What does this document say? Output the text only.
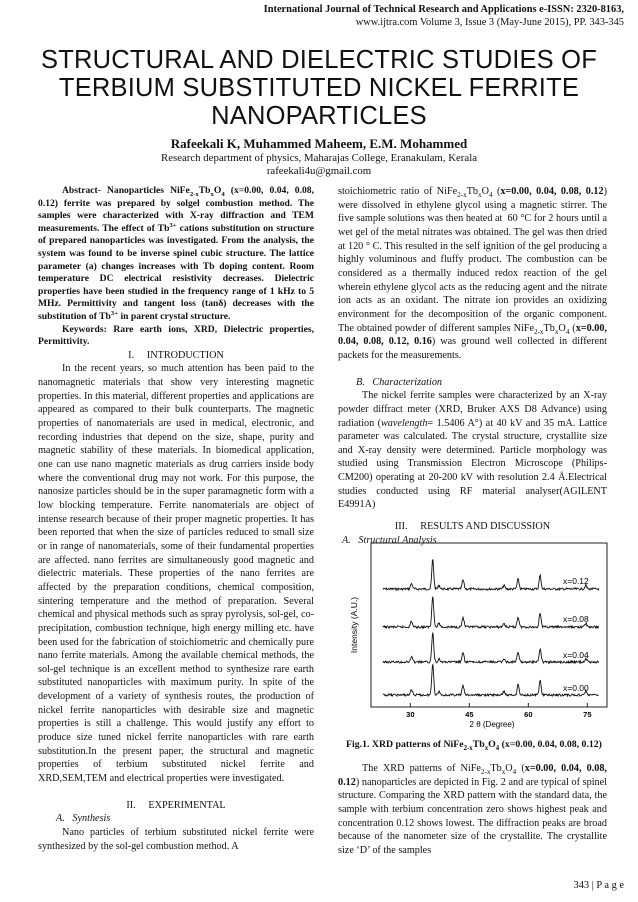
International Journal of Technical Research and Applications e-ISSN: 2320-8163,
www.ijtra.com Volume 3, Issue 3 (May-June 2015), PP. 343-345
STRUCTURAL AND DIELECTRIC STUDIES OF TERBIUM SUBSTITUTED NICKEL FERRITE NANOPARTICLES
Rafeekali K, Muhammed Maheem, E.M. Mohammed
Research department of physics, Maharajas College, Eranakulam, Kerala
rafeekali4u@gmail.com

Abstract- Nanoparticles $NiFe_{2-x}Tb_xO_4$ (x=0.00, 0.04, 0.08, 0.12) ferrite was prepared by solgel combustion method. The samples were characterized with X-ray diffraction and TEM measurements. The effect of $Tb^{3+}$ cations substitution on structure of prepared nanoparticles was investigated. From the analysis, the system was found to be inverse spinel cubic structure. The lattice parameter (a) changes increases with Tb doping content. Room temperature DC electrical resistivity decreases. Dielectric properties have been studied in the frequency range of 1 kHz to 5 MHz. Permittivity and tangent loss (tanδ) decreases with the substitution of $Tb^{3+}$ in parent crystal structure.

Keywords: Rare earth ions, XRD, Dielectric properties, Permittivity.

I.     INTRODUCTION

In the recent years, so much attention has been paid to the nanomagnetic materials that show very interesting magnetic properties. In this material, different properties and applications are appeared as compared to their bulk counterparts. The magnetic properties of nanomaterials are used in medical, electronic, and recording industries that depend on the size, shape, purity and magnetic stability of these materials. In biomedical application, one can use nano magnetic materials as drug carriers inside body where the conventional drug may not work. For this purpose, the nanosize particles should be in the super paramagnetic form with a low blocking temperature. Ferrite nanomaterials are object of intense research because of their proper magnetic properties. It has been reported that when the size of particles reduced to small size or in range of nanomaterials, some of their fundamental properties are affected. nano ferrites are simultaneously good magnetic and dielectric materials. These properties of the nano ferrites are affected by the preparation conditions, chemical composition, sintering temperature and the method of preparation. Several chemical and physical methods such as spray pyrolysis, sol-gel, co-precipitation, combustion technique, high energy milling etc. have been used for the fabrication of stoichiometric and chemically pure nano ferrite materials. Among the available chemical methods, the sol-gel technique is an excellent method to synthesize rare earth substituted nanoparticles with maximum purity. In spite of the development of a variety of synthesis routes, the production of nickel ferrite nanoparticles with desirable size and magnetic properties is still a challenge. This would justify any effort to produce size tuned nickel ferrite nanoparticles with rare earth substitution.In the present paper, the structural and magnetic properties of terbium substituted nickel ferrite and XRD,SEM,TEM and electrical properties were investigated.

II.     EXPERIMENTAL

A.   Synthesis

Nano particles of terbium substituted nickel ferrite were synthesized by the sol-gel combustion method. A

stoichiometric ratio of $NiFe_{2-x}Tb_xO_4$ (x=0.00, 0.04, 0.08, 0.12) were dissolved in ethylene glycol using a magnetic stirrer. The five sample solutions was then heated at  60 °C for 2 hours until a wet gel of the metal nitrates was obtained. The gel was then dried at 120 ° C. This resulted in the self ignition of the gel producing a highly voluminous and fluffy product. The combustion can be considered as a thermally induced redox reaction of the gel wherein ethylene glycol acts as the reducing agent and the nitrate ion acts as an oxidant. The nitrate ion provides an oxidizing environment for the decomposition of the organic component. The obtained powder of different samples $NiFe_{2-x}Tb_xO_4$ (x=0.00, 0.04, 0.08, 0.12, 0.16) was ground well collected in different packets for the measurements.

B.   Characterization

The nickel ferrite samples were characterized by an X-ray powder diffract meter (XRD, Bruker AXS D8 Advance) using radiation (wavelength= 1.5406 A°) at 40 kV and 35 mA. Lattice parameter was calculated. The crystal structure, crystallite size and X-ray density were determined. Particle morphology was studied using Transmission Electron Microscope (Philips- CM200) operating at 20-200 kV with resolution 2.4 Å.Electrical studies conducted using RF material analyser(AGILENT E4991A)

III.     RESULTS AND DISCUSSION

A.   Structural Analysis

Intensity (A.U.)
30	45	60	75
2 θ (Degree)
x=0.12
x=0.08
x=0.04
x=0.00
Fig.1. XRD patterns of $NiFe_{2-x}Tb_xO_4$ (x=0.00, 0.04, 0.08, 0.12)

The XRD patterns of $NiFe_{2-x}Tb_xO_4$ (x=0.00, 0.04, 0.08, 0.12) nanoparticles are depicted in Fig. 2 and are typical of spinel structure. Comparing the XRD pattern with the standard data, the sample with terbium concentration zero shows highest peak and concentration 0.12 shows lowest. The diffraction peaks are broad because of the nanometer size of the crystallite. The crystallite size ‘D’ of the samples

343 | P a g e
